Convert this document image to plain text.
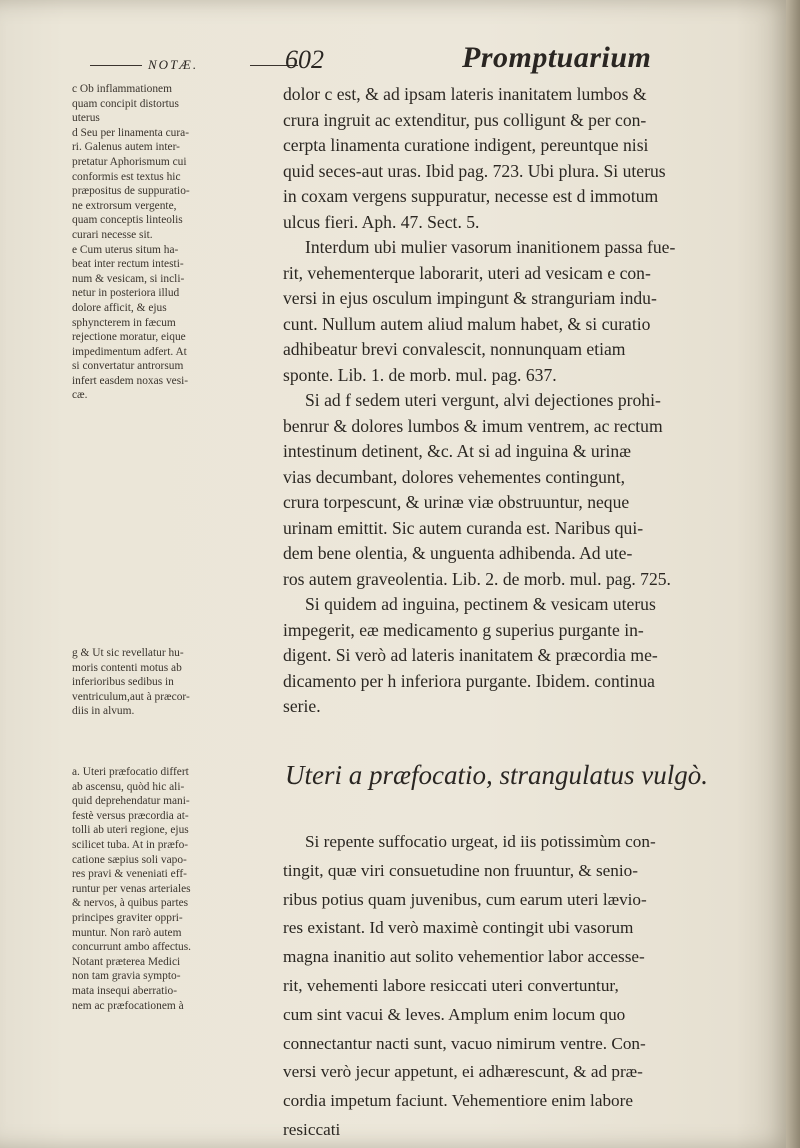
NOTÆ.	602	Promptuarium
c Ob inflammationem
quam concipit distortus
uterus
d Seu per linamenta cura-
ri. Galenus autem inter-
pretatur Aphorismum cui
conformis est textus hic
præpositus de suppuratio-
ne extrorsum vergente,
quam conceptis linteolis
curari necesse sit.
e Cum uterus situm ha-
beat inter rectum intesti-
num & vesicam, si incli-
netur in posteriora illud
dolore afficit, & ejus
sphyncterem in fæcum
rejectione moratur, eique
impedimentum adfert. At
si convertatur antrorsum
infert easdem noxas vesi-
cæ.
g & Ut sic revellatur hu-
moris contenti motus ab
inferioribus sedibus in
ventriculum,aut à præcor-
diis in alvum.
a. Uteri præfocatio differt
ab ascensu, quòd hic ali-
quid deprehendatur mani-
festè versus præcordia at-
tolli ab uteri regione, ejus
scilicet tuba. At in præfo-
catione sæpius soli vapo-
res pravi & veneniati eff-
runtur per venas arteriales
& nervos, à quibus partes
principes graviter oppri-
muntur. Non rarò autem
concurrunt ambo affectus.
Notant præterea Medici
non tam gravia sympto-
mata insequi aberratio-
nem ac præfocationem à
dolor c est, & ad ipsam lateris inanitatem lumbos &
crura ingruit ac extenditur, pus colligunt & per con-
cerpta linamenta curatione indigent, pereuntque nisi
quid seces-aut uras. Ibid pag. 723. Ubi plura. Si uterus
in coxam vergens suppuratur, necesse est d immotum
ulcus fieri. Aph. 47. Sect. 5.
Interdum ubi mulier vasorum inanitionem passa fue-
rit, vehementerque laborarit, uteri ad vesicam e con-
versi in ejus osculum impingunt & stranguriam indu-
cunt. Nullum autem aliud malum habet, & si curatio
adhibeatur brevi convalescit, nonnunquam etiam
sponte. Lib. 1. de morb. mul. pag. 637.
Si ad f sedem uteri vergunt, alvi dejectiones prohi-
benrur & dolores lumbos & imum ventrem, ac rectum
intestinum detinent, &c. At si ad inguina & urinæ
vias decumbant, dolores vehementes contingunt,
crura torpescunt, & urinæ viæ obstruuntur, neque
urinam emittit. Sic autem curanda est. Naribus qui-
dem bene olentia, & unguenta adhibenda. Ad ute-
ros autem graveolentia. Lib. 2. de morb. mul. pag. 725.
Si quidem ad inguina, pectinem & vesicam uterus
impegerit, eæ medicamento g superius purgante in-
digent. Si verò ad lateris inanitatem & præcordia me-
dicamento per h inferiora purgante. Ibidem. continua
serie.
Uteri a præfocatio, strangulatus vulgò.
Si repente suffocatio urgeat, id iis potissimùm con-
tingit, quæ viri consuetudine non fruuntur, & senio-
ribus potius quam juvenibus, cum earum uteri lævio-
res existant. Id verò maximè contingit ubi vasorum
magna inanitio aut solito vehementior labor accesse-
rit, vehementi labore resiccati uteri convertuntur,
cum sint vacui & leves. Amplum enim locum quo
connectantur nacti sunt, vacuo nimirum ventre. Con-
versi verò jecur appetunt, ei adhærescunt, & ad præ-
cordia impetum faciunt. Vehementiore enim labore
resiccati
